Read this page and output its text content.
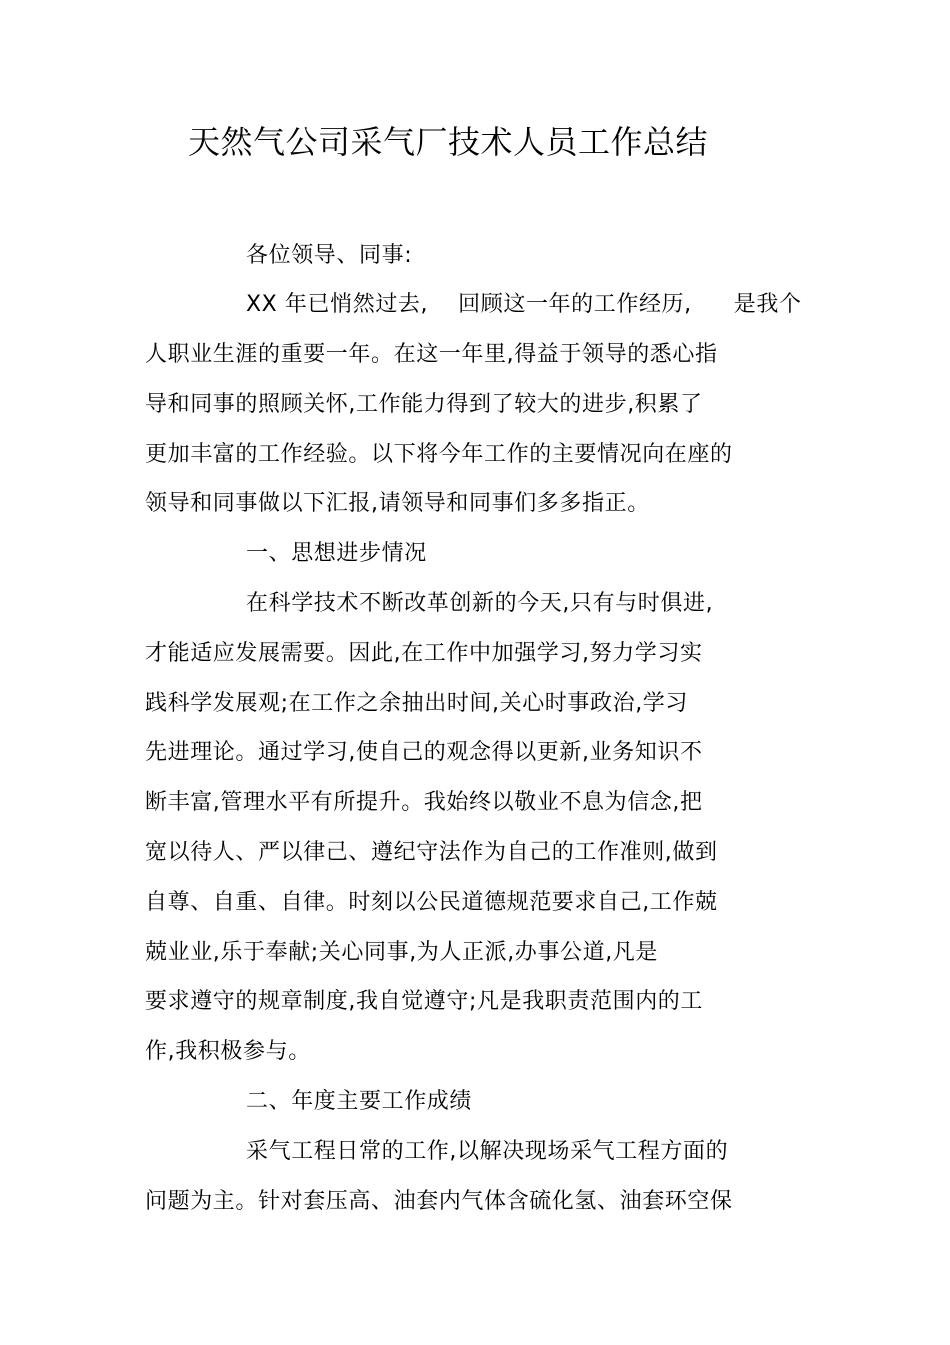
天然气公司采气厂技术人员工作总结
各位领导、同事:
XX 年已悄然过去, 回顾这一年的工作经历, 是我个
人职业生涯的重要一年。在这一年里,得益于领导的悉心指
导和同事的照顾关怀,工作能力得到了较大的进步,积累了
更加丰富的工作经验。以下将今年工作的主要情况向在座的
领导和同事做以下汇报,请领导和同事们多多指正。
一、思想进步情况
在科学技术不断改革创新的今天,只有与时俱进,
才能适应发展需要。因此,在工作中加强学习,努力学习实
践科学发展观;在工作之余抽出时间,关心时事政治,学习
先进理论。通过学习,使自己的观念得以更新,业务知识不
断丰富,管理水平有所提升。我始终以敬业不息为信念,把
宽以待人、严以律己、遵纪守法作为自己的工作准则,做到
自尊、自重、自律。时刻以公民道德规范要求自己,工作兢
兢业业,乐于奉献;关心同事,为人正派,办事公道,凡是
要求遵守的规章制度,我自觉遵守;凡是我职责范围内的工
作,我积极参与。
二、年度主要工作成绩
采气工程日常的工作,以解决现场采气工程方面的
问题为主。针对套压高、油套内气体含硫化氢、油套环空保
